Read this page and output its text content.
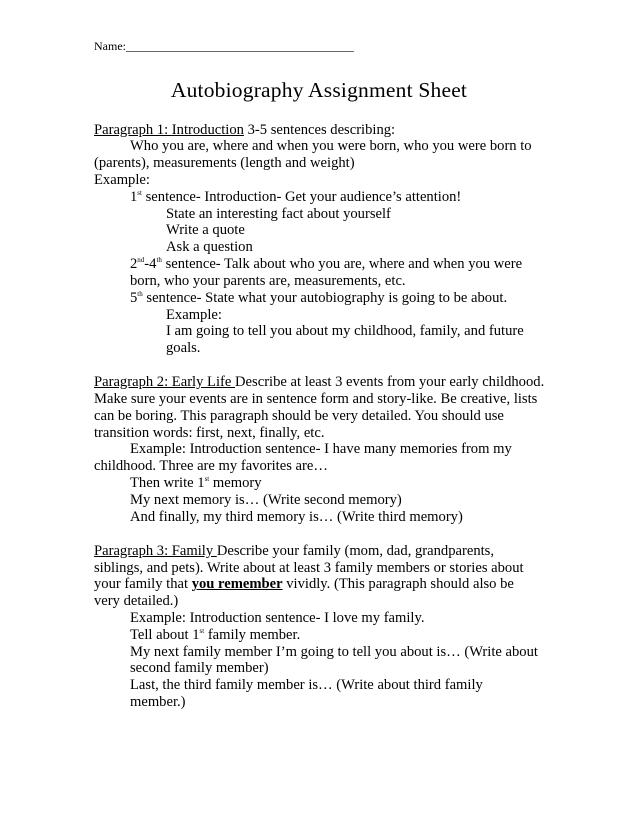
Name:______________________________________
Autobiography Assignment Sheet
Paragraph 1: Introduction 3-5 sentences describing:
Who you are, where and when you were born, who you were born to
(parents), measurements (length and weight)
Example:
1st sentence- Introduction- Get your audience’s attention!
State an interesting fact about yourself
Write a quote
Ask a question
2nd-4th sentence- Talk about who you are, where and when you were
born, who your parents are, measurements, etc.
5th sentence- State what your autobiography is going to be about.
Example:
I am going to tell you about my childhood, family, and future
goals.
Paragraph 2: Early Life Describe at least 3 events from your early childhood.
Make sure your events are in sentence form and story-like. Be creative, lists
can be boring. This paragraph should be very detailed. You should use
transition words: first, next, finally, etc.
Example: Introduction sentence- I have many memories from my
childhood. Three are my favorites are…
Then write 1st memory
My next memory is… (Write second memory)
And finally, my third memory is… (Write third memory)
Paragraph 3: Family Describe your family (mom, dad, grandparents,
siblings, and pets). Write about at least 3 family members or stories about
your family that you remember vividly. (This paragraph should also be
very detailed.)
Example: Introduction sentence- I love my family.
Tell about 1st family member.
My next family member I’m going to tell you about is… (Write about
second family member)
Last, the third family member is… (Write about third family
member.)
